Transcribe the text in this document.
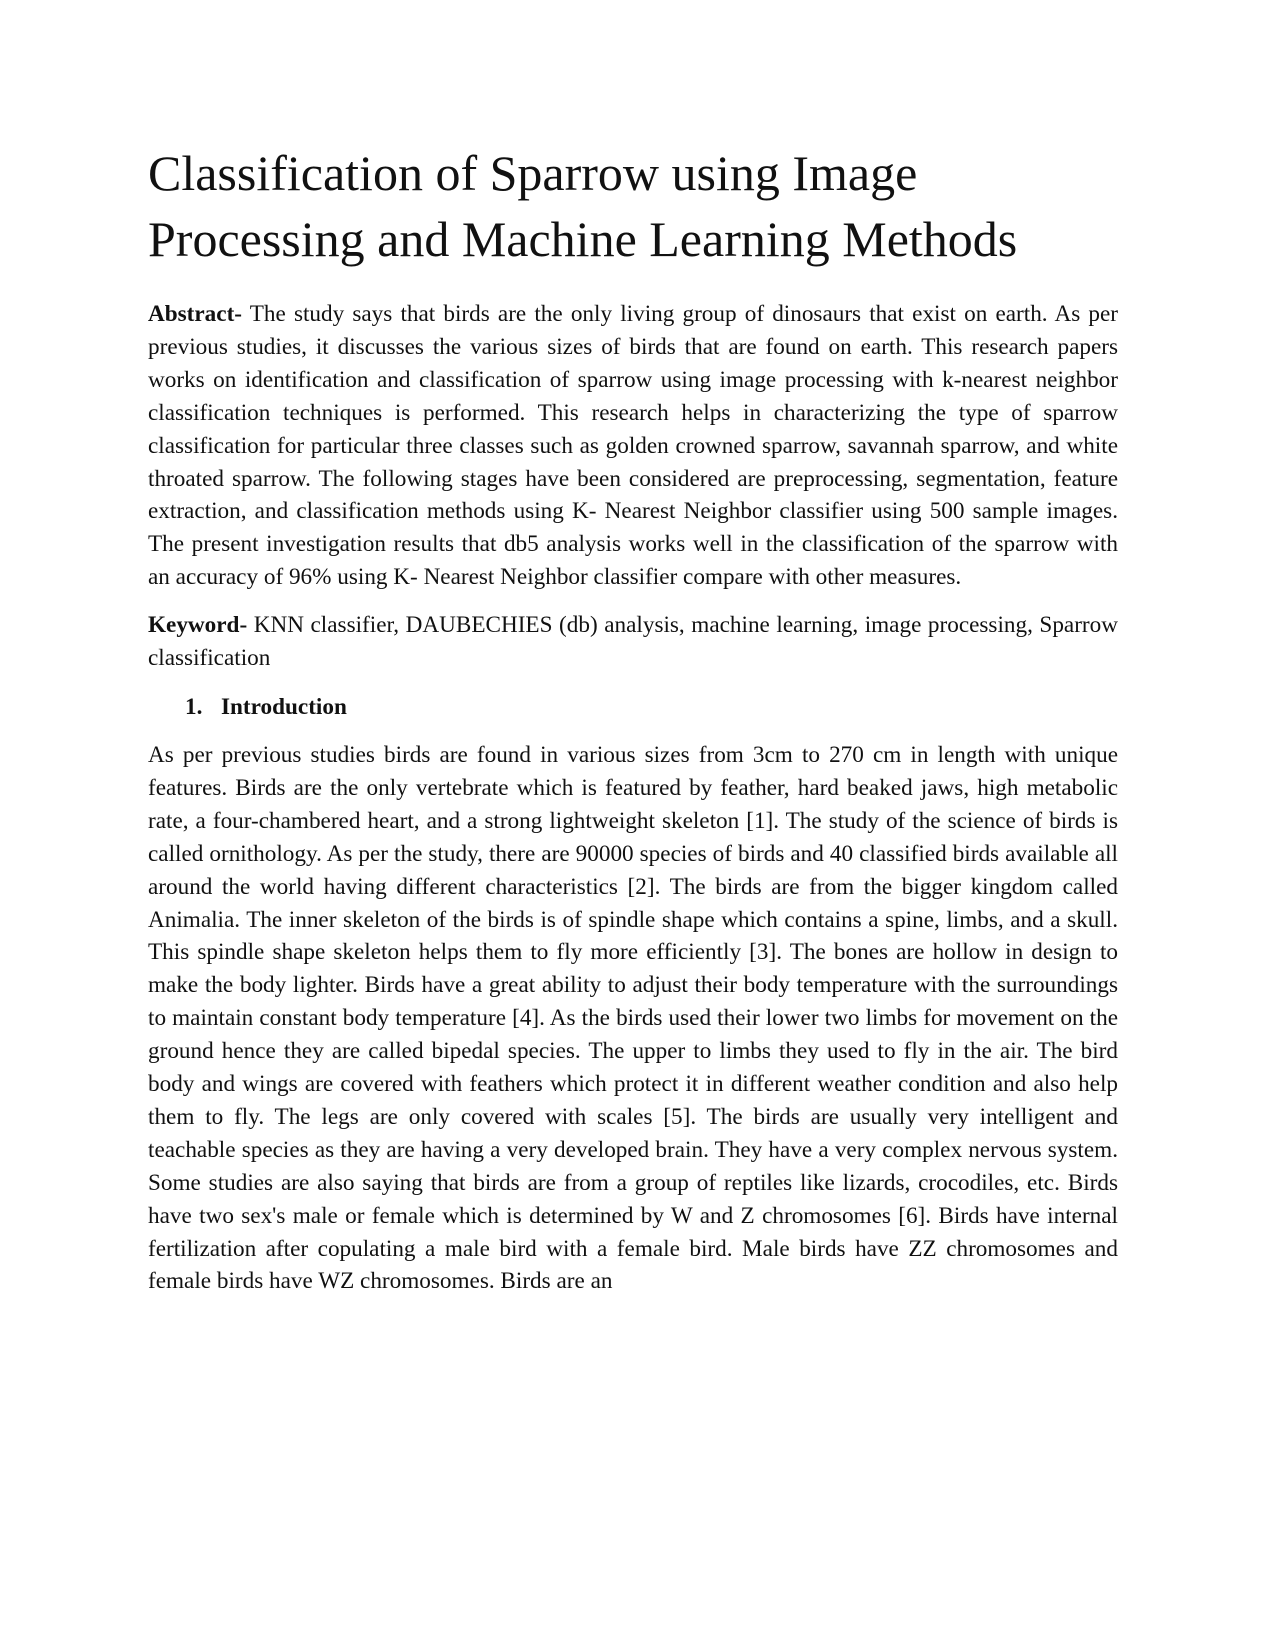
Classification of Sparrow using Image Processing and Machine Learning Methods

Abstract- The study says that birds are the only living group of dinosaurs that exist on earth. As per previous studies, it discusses the various sizes of birds that are found on earth. This research papers works on identification and classification of sparrow using image processing with k-nearest neighbor classification techniques is performed. This research helps in characterizing the type of sparrow classification for particular three classes such as golden crowned sparrow, savannah sparrow, and white throated sparrow. The following stages have been considered are preprocessing, segmentation, feature extraction, and classification methods using K- Nearest Neighbor classifier using 500 sample images. The present investigation results that db5 analysis works well in the classification of the sparrow with an accuracy of 96% using K- Nearest Neighbor classifier compare with other measures.

Keyword- KNN classifier, DAUBECHIES (db) analysis, machine learning, image processing, Sparrow classification

1. Introduction

As per previous studies birds are found in various sizes from 3cm to 270 cm in length with unique features. Birds are the only vertebrate which is featured by feather, hard beaked jaws, high metabolic rate, a four-chambered heart, and a strong lightweight skeleton [1]. The study of the science of birds is called ornithology. As per the study, there are 90000 species of birds and 40 classified birds available all around the world having different characteristics [2]. The birds are from the bigger kingdom called Animalia. The inner skeleton of the birds is of spindle shape which contains a spine, limbs, and a skull. This spindle shape skeleton helps them to fly more efficiently [3]. The bones are hollow in design to make the body lighter. Birds have a great ability to adjust their body temperature with the surroundings to maintain constant body temperature [4]. As the birds used their lower two limbs for movement on the ground hence they are called bipedal species. The upper to limbs they used to fly in the air. The bird body and wings are covered with feathers which protect it in different weather condition and also help them to fly. The legs are only covered with scales [5]. The birds are usually very intelligent and teachable species as they are having a very developed brain. They have a very complex nervous system. Some studies are also saying that birds are from a group of reptiles like lizards, crocodiles, etc. Birds have two sex's male or female which is determined by W and Z chromosomes [6]. Birds have internal fertilization after copulating a male bird with a female bird. Male birds have ZZ chromosomes and female birds have WZ chromosomes. Birds are an
